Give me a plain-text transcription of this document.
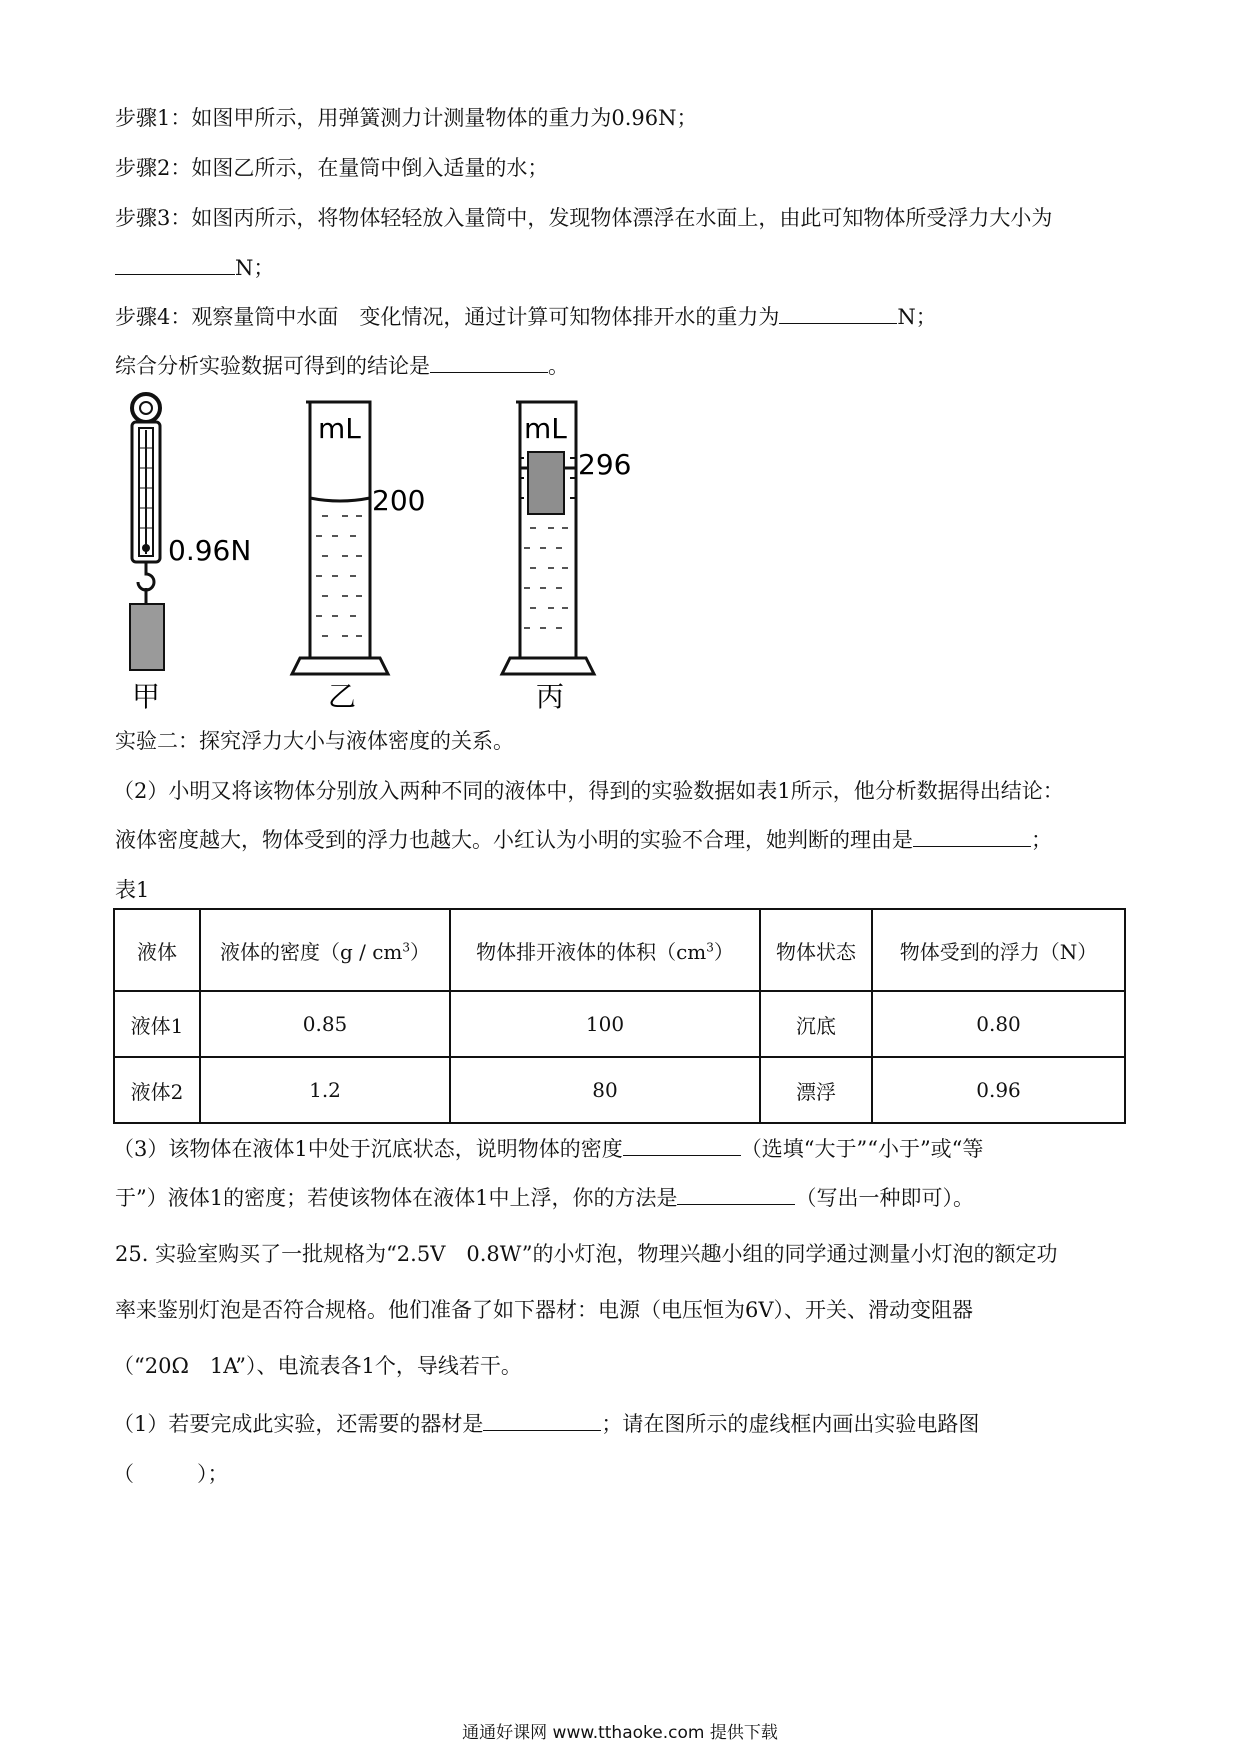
步骤1：如图甲所示，用弹簧测力计测量物体的重力为0.96N；
步骤2：如图乙所示，在量筒中倒入适量的水；
步骤3：如图丙所示，将物体轻轻放入量筒中，发现物体漂浮在水面上，由此可知物体所受浮力大小为
N；
步骤4：观察量筒中水面　变化情况，通过计算可知物体排开水的重力为	N；
综合分析实验数据可得到的结论是	。
0.96N
甲
mL
200
乙
mL
296
丙
实验二：探究浮力大小与液体密度的关系。
（2）小明又将该物体分别放入两种不同的液体中，得到的实验数据如表1所示，他分析数据得出结论：
液体密度越大，物体受到的浮力也越大。小红认为小明的实验不合理，她判断的理由是	；
表1
液体	液体的密度$(g / cm^3)$	物体排开液体的体积$(cm^3)$	物体状态	物体受到的浮力（N）
液体1	0.85	100	沉底	0.80
液体2	1.2	80	漂浮	0.96
（3）该物体在液体1中处于沉底状态，说明物体的密度	（选填“大于”“小于”或“等
于”）液体1的密度；若使该物体在液体1中上浮，你的方法是	（写出一种即可）。
25. 实验室购买了一批规格为“2.5V　0.8W”的小灯泡，物理兴趣小组的同学通过测量小灯泡的额定功
率来鉴别灯泡是否符合规格。他们准备了如下器材：电源（电压恒为6V）、开关、滑动变阻器
（“20Ω　1A”）、电流表各1个，导线若干。
（1）若要完成此实验，还需要的器材是	；请在图所示的虚线框内画出实验电路图
（　　　）；
通通好课网 www.tthaoke.com 提供下载
